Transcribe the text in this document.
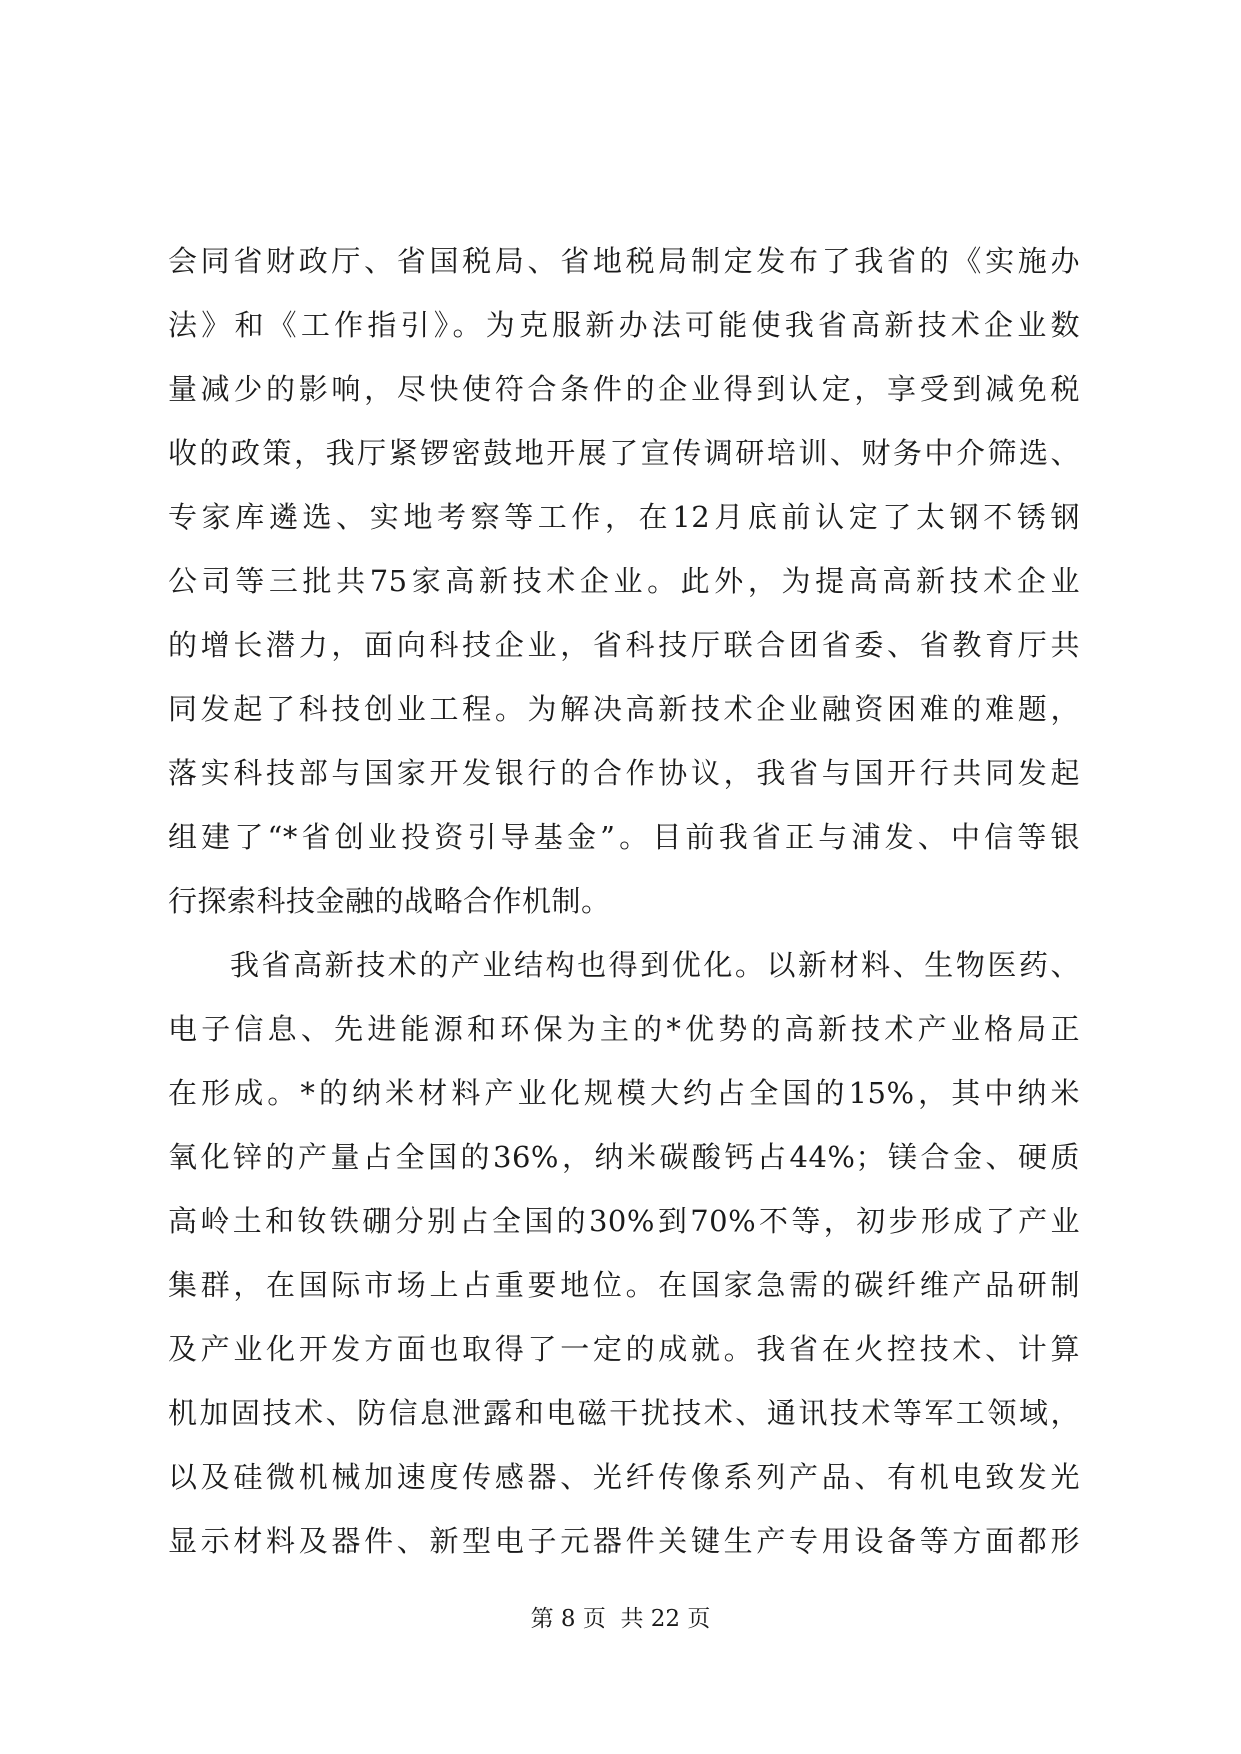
会同省财政厅、省国税局、省地税局制定发布了我省的《实施办
法》和《工作指引》。为克服新办法可能使我省高新技术企业数
量减少的影响，尽快使符合条件的企业得到认定，享受到减免税
收的政策，我厅紧锣密鼓地开展了宣传调研培训、财务中介筛选、
专家库遴选、实地考察等工作，在12月底前认定了太钢不锈钢
公司等三批共75家高新技术企业。此外，为提高高新技术企业
的增长潜力，面向科技企业，省科技厅联合团省委、省教育厅共
同发起了科技创业工程。为解决高新技术企业融资困难的难题，
落实科技部与国家开发银行的合作协议，我省与国开行共同发起
组建了“*省创业投资引导基金”。目前我省正与浦发、中信等银
行探索科技金融的战略合作机制。
我省高新技术的产业结构也得到优化。以新材料、生物医药、
电子信息、先进能源和环保为主的*优势的高新技术产业格局正
在形成。*的纳米材料产业化规模大约占全国的15%，其中纳米
氧化锌的产量占全国的36%，纳米碳酸钙占44%；镁合金、硬质
高岭土和钕铁硼分别占全国的30%到70%不等，初步形成了产业
集群，在国际市场上占重要地位。在国家急需的碳纤维产品研制
及产业化开发方面也取得了一定的成就。我省在火控技术、计算
机加固技术、防信息泄露和电磁干扰技术、通讯技术等军工领域，
以及硅微机械加速度传感器、光纤传像系列产品、有机电致发光
显示材料及器件、新型电子元器件关键生产专用设备等方面都形
第 8 页  共 22 页
